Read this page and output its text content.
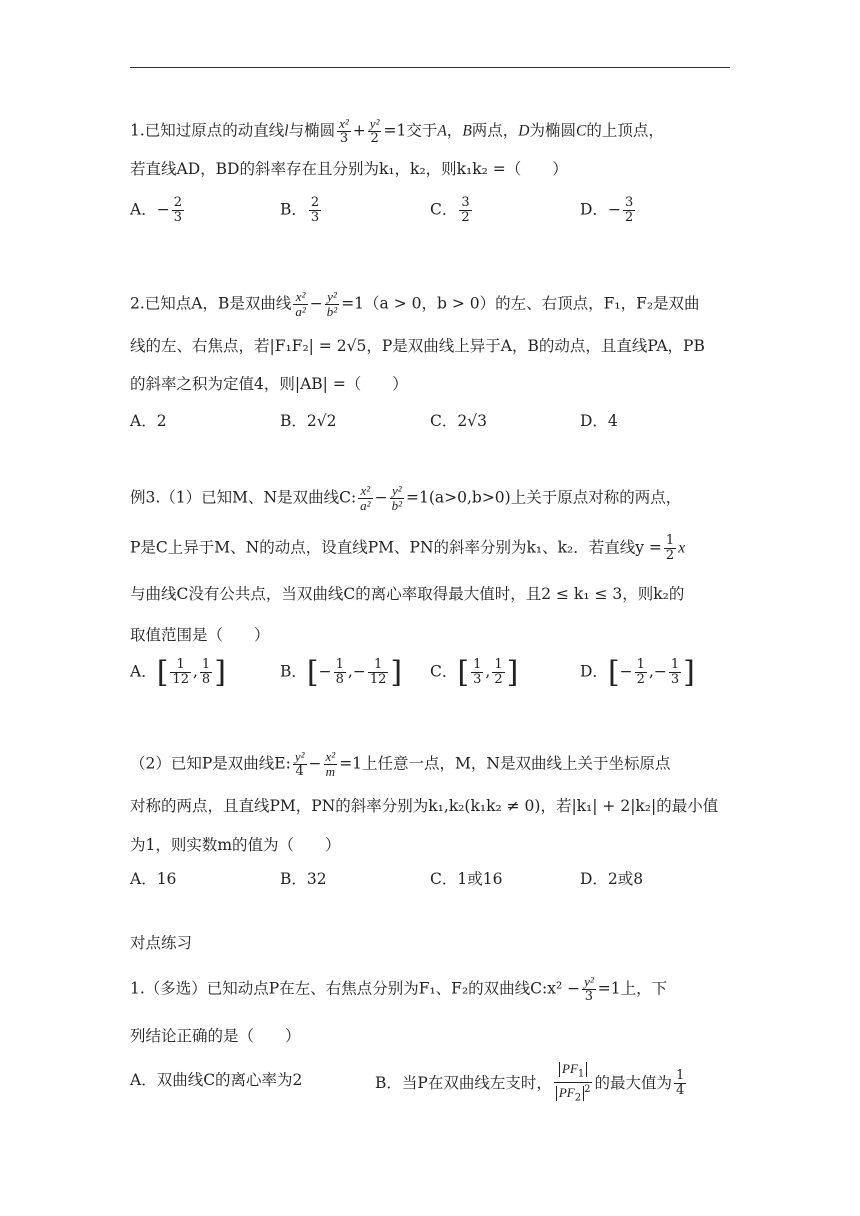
1.已知过原点的动直线l与椭圆 $\frac{\text{x²}}{3} + \frac{\text{y²}}{2} =1$交于A，B两点，D为椭圆C的上顶点，
若直线AD，BD的斜率存在且分别为k₁，k₂，则k₁k₂ =（　　）
A．− $\frac{2}{3}$	B． $\frac{2}{3}$	C． $\frac{3}{2}$	D．− $\frac{3}{2}$
2.已知点A，B是双曲线 $\frac{\text{x²}}{\text{a²}} - \frac{\text{y²}}{\text{b²}} =1(a > 0$，b > 0）的左、右顶点，F₁，F₂是双曲
线的左、右焦点，若|F₁F₂| = 2√5，P是双曲线上异于A，B的动点，且直线PA，PB
的斜率之积为定值4，则|AB| =（　　）
A．2	B．2√2	C．2√3	D．4
例3.（1）已知M、N是双曲线C: $\frac{\text{x²}}{\text{a²}} - \frac{\text{y²}}{\text{b²}} =1(a>0,b>0)$上关于原点对称的两点，
P是C上异于M、N的动点，设直线PM、PN的斜率分别为k₁、k₂．若直线$y = \frac{1}{2}$ x
与曲线C没有公共点，当双曲线C的离心率取得最大值时，且2 ≤ k₁ ≤ 3，则k₂的
取值范围是（　　）
A．[ $\frac{1}{12}$ , $\frac{1}{8}$ ]	B．[− $\frac{1}{8}$ ,− $\frac{1}{12}$ ] C．[ $\frac{1}{3}$ , $\frac{1}{2}$ ]	D．[− $\frac{1}{2}$ ,− $\frac{1}{3}$ ]
（2）已知P是双曲线E: $\frac{\text{y²}}{4} - \frac{\text{x²}}{m} =1$上任意一点，M，N是双曲线上关于坐标原点
对称的两点，且直线PM，PN的斜率分别为k₁,k₂(k₁k₂ ≠ 0)，若|k₁| + 2|k₂|的最小值
为1，则实数m的值为（　　）
A．16	B．32	C．1或16	D．2或8
对点练习
1.（多选）已知动点P在左、右焦点分别为F₁、F₂的双曲线C:x² − $\frac{\text{y²}}{3} =1$上，下
列结论正确的是（　　）
A．双曲线C的离心率为2	B．当P在双曲线左支时， $\frac{PF_1}{PF_2^2}$ 的最大值为 $\frac{1}{4}$
